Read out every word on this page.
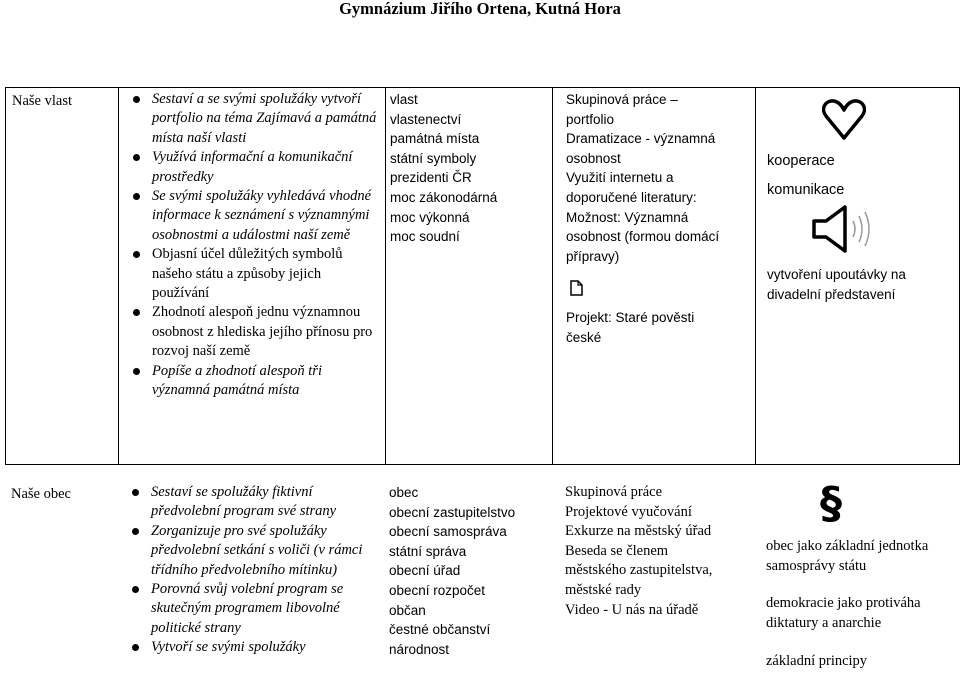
Gymnázium Jiřího Ortena, Kutná Hora
Naše vlast	Sestaví a se svými spolužáky vytvoří portfolio na téma Zajímavá a památná místa naší vlasti
Využívá informační a komunikační prostředky
Se svými spolužáky vyhledává vhodné informace k seznámení s významnými osobnostmi a událostmi naší země
Objasní účel důležitých symbolů našeho státu a způsoby jejich používání
Zhodnotí alespoň jednu významnou osobnost z hlediska jejího přínosu pro rozvoj naší země
Popíše a zhodnotí alespoň tři významná památná místa
vlast
vlastenectví
památná místa
státní symboly
prezidenti ČR
moc zákonodárná
moc výkonná
moc soudní
Skupinová práce –
portfolio
Dramatizace - významná
osobnost
Využití internetu a
doporučené literatury:
Možnost: Významná
osobnost (formou domácí
přípravy)
Projekt: Staré pověsti
české
kooperace
komunikace
vytvoření upoutávky na divadelní představení
Naše obec	Sestaví se spolužáky fiktivní předvolební program své strany
Zorganizuje pro své spolužáky předvolební setkání s voliči (v rámci třídního předvolebního mítinku)
Porovná svůj volební program se skutečným programem libovolné politické strany
Vytvoří se svými spolužáky
obec
obecní zastupitelstvo
obecní samospráva
státní správa
obecní úřad
obecní rozpočet
občan
čestné občanství
národnost
Skupinová práce
Projektové vyučování
Exkurze na městský úřad
Beseda se členem
městského zastupitelstva,
městské rady
Video - U nás na úřadě
§
obec jako základní jednotka samosprávy státu
demokracie jako protiváha diktatury a anarchie
základní principy
